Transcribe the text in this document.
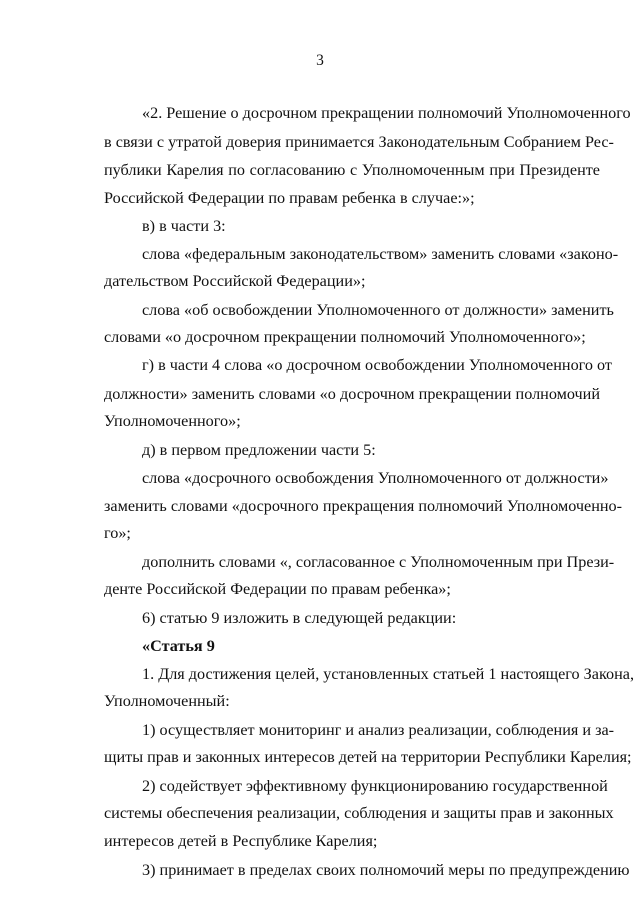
3
«2. Решение о досрочном прекращении полномочий Уполномоченного
в связи с утратой доверия принимается Законодательным Собранием Рес-
публики Карелия по согласованию с Уполномоченным при Президенте
Российской Федерации по правам ребенка в случае:»;
в) в части 3:
слова «федеральным законодательством» заменить словами «законо-
дательством Российской Федерации»;
слова «об освобождении Уполномоченного от должности» заменить
словами «о досрочном прекращении полномочий Уполномоченного»;
г) в части 4 слова «о досрочном освобождении Уполномоченного от
должности» заменить словами «о досрочном прекращении полномочий
Уполномоченного»;
д) в первом предложении части 5:
слова «досрочного освобождения Уполномоченного от должности»
заменить словами «досрочного прекращения полномочий Уполномоченно-
го»;
дополнить словами «, согласованное с Уполномоченным при Прези-
денте Российской Федерации по правам ребенка»;
6) статью 9 изложить в следующей редакции:
«Статья 9
1. Для достижения целей, установленных статьей 1 настоящего Закона,
Уполномоченный:
1) осуществляет мониторинг и анализ реализации, соблюдения и за-
щиты прав и законных интересов детей на территории Республики Карелия;
2) содействует эффективному функционированию государственной
системы обеспечения реализации, соблюдения и защиты прав и законных
интересов детей в Республике Карелия;
3) принимает в пределах своих полномочий меры по предупреждению
